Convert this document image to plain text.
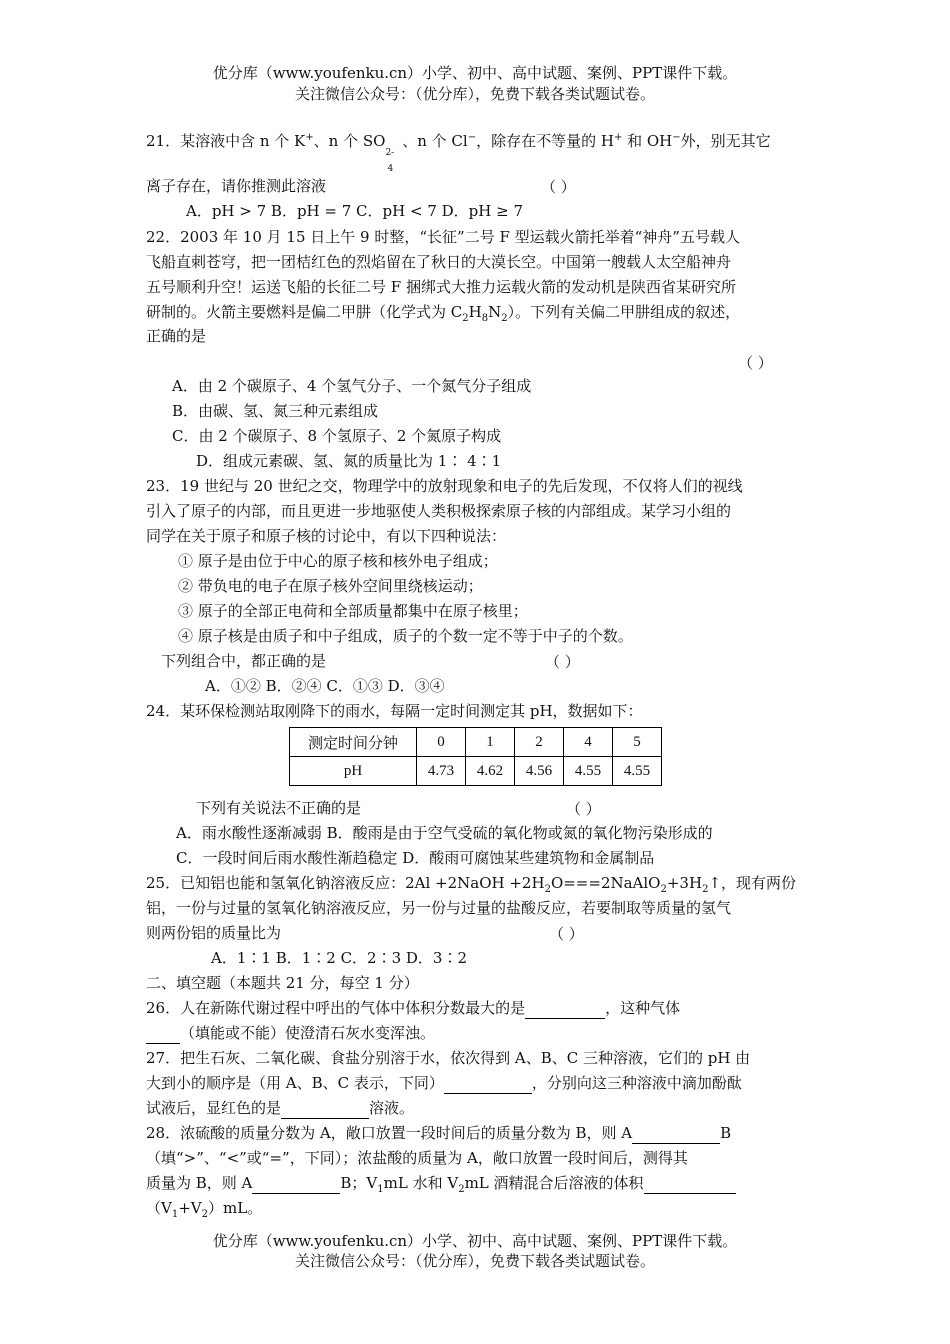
优分库（www.youfenku.cn）小学、初中、高中试题、案例、PPT课件下载。
关注微信公众号：（优分库），免费下载各类试题试卷。
21．某溶液中含 n 个 K+、n 个 SO
2-
4
、n 个 Cl−，除存在不等量的 H+ 和 OH−外，别无其它
离子存在，请你推测此溶液	（ ）
A．pH > 7 B．pH = 7 C．pH < 7 D．pH ≥ 7
22．2003 年 10 月 15 日上午 9 时整，“长征”二号 F 型运载火箭托举着“神舟”五号载人
飞船直刺苍穹，把一团桔红色的烈焰留在了秋日的大漠长空。中国第一艘载人太空船神舟
五号顺利升空！运送飞船的长征二号 F 捆绑式大推力运载火箭的发动机是陕西省某研究所
研制的。火箭主要燃料是偏二甲肼（化学式为 $C_2H_8N_2$）。下列有关偏二甲肼组成的叙述，
正确的是
（ ）
A．由 2 个碳原子、4 个氢气分子、一个氮气分子组成
B．由碳、氢、氮三种元素组成
C．由 2 个碳原子、8 个氢原子、2 个氮原子构成
D．组成元素碳、氢、氮的质量比为 1∶ 4∶1
23．19 世纪与 20 世纪之交，物理学中的放射现象和电子的先后发现，不仅将人们的视线
引入了原子的内部，而且更进一步地驱使人类积极探索原子核的内部组成。某学习小组的
同学在关于原子和原子核的讨论中，有以下四种说法：
① 原子是由位于中心的原子核和核外电子组成；
② 带负电的电子在原子核外空间里绕核运动；
③ 原子的全部正电荷和全部质量都集中在原子核里；
④ 原子核是由质子和中子组成，质子的个数一定不等于中子的个数。
下列组合中，都正确的是	（ ）
A．①② B．②④ C．①③ D．③④
24．某环保检测站取刚降下的雨水，每隔一定时间测定其 pH，数据如下：
测定时间分钟	0	1	2	4	5
pH	4.73	4.62	4.56	4.55	4.55
下列有关说法不正确的是	（ ）
A．雨水酸性逐渐减弱 B．酸雨是由于空气受硫的氧化物或氮的氧化物污染形成的
C．一段时间后雨水酸性渐趋稳定 D．酸雨可腐蚀某些建筑物和金属制品
25．已知铝也能和氢氧化钠溶液反应：2Al +2NaOH $+2H_2O===2NaAlO_2+3H_2↑$，现有两份
铝，一份与过量的氢氧化钠溶液反应，另一份与过量的盐酸反应，若要制取等质量的氢气
则两份铝的质量比为	（ ）
A．1∶1 B．1∶2 C．2∶3 D．3∶2
二、填空题（本题共 21 分，每空 1 分）
26．人在新陈代谢过程中呼出的气体中体积分数最大的是	，这种气体
（填能或不能）使澄清石灰水变浑浊。
27．把生石灰、二氧化碳、食盐分别溶于水，依次得到 A、B、C 三种溶液，它们的 pH 由
大到小的顺序是（用 A、B、C 表示，下同）	，分别向这三种溶液中滴加酚酞
试液后，显红色的是	溶液。
28．浓硫酸的质量分数为 A，敞口放置一段时间后的质量分数为 B，则 A	B
（填“>”、“<”或“=”，下同）；浓盐酸的质量为 A，敞口放置一段时间后，测得其
质量为 B，则 A	B；$V_1mL$ 水和 $V_2mL$ 酒精混合后溶液的体积
$(V_1+V_2)mL$。
优分库（www.youfenku.cn）小学、初中、高中试题、案例、PPT课件下载。
关注微信公众号：（优分库），免费下载各类试题试卷。
